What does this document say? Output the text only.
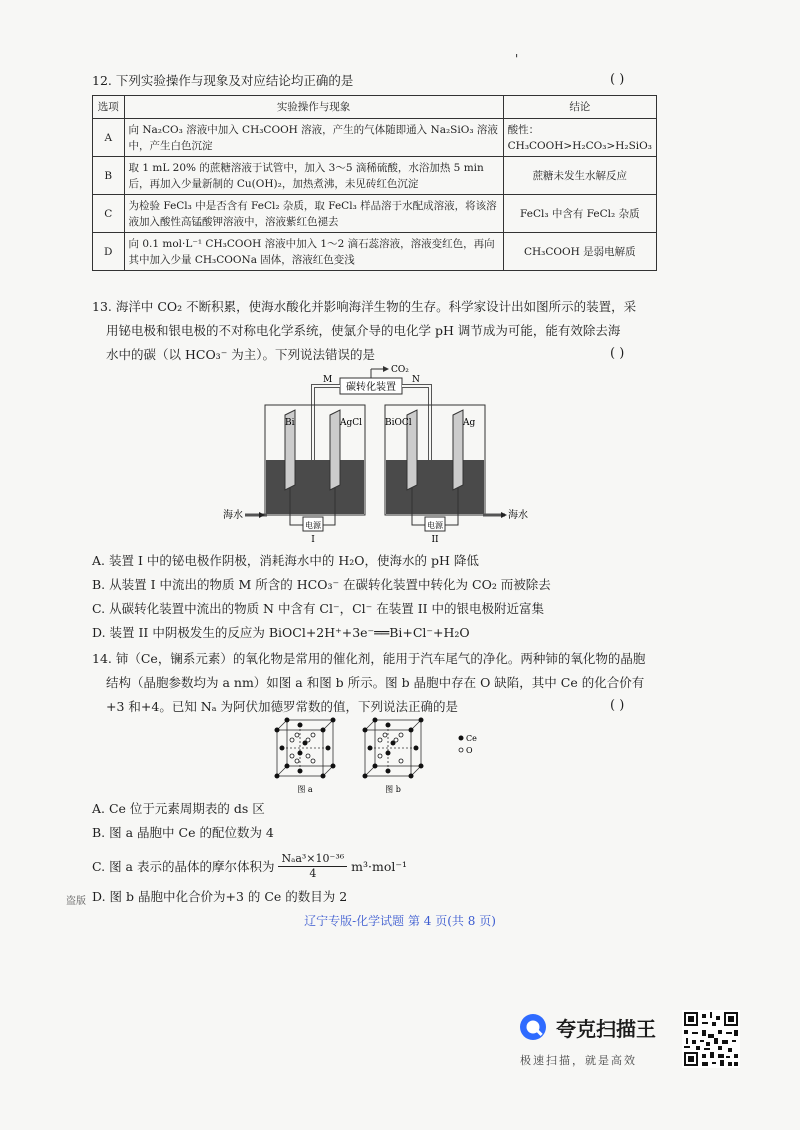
'
12. 下列实验操作与现象及对应结论均正确的是	( )
选项	实验操作与现象	结论
A	向 Na₂CO₃ 溶液中加入 CH₃COOH 溶液，产生的气体随即通入 Na₂SiO₃ 溶液中，产生白色沉淀	酸性：CH₃COOH>H₂CO₃>H₂SiO₃
B	取 1 mL 20% 的蔗糖溶液于试管中，加入 3～5 滴稀硫酸，水浴加热 5 min 后，再加入少量新制的 Cu(OH)₂，加热煮沸，未见砖红色沉淀	蔗糖未发生水解反应
C	为检验 FeCl₃ 中是否含有 FeCl₂ 杂质，取 FeCl₃ 样品溶于水配成溶液，将该溶液加入酸性高锰酸钾溶液中，溶液紫红色褪去	FeCl₃ 中含有 FeCl₂ 杂质
D	向 0.1 mol·L⁻¹ CH₃COOH 溶液中加入 1～2 滴石蕊溶液，溶液变红色，再向其中加入少量 CH₃COONa 固体，溶液红色变浅	CH₃COOH 是弱电解质
13. 海洋中 CO₂ 不断积累，使海水酸化并影响海洋生物的生存。科学家设计出如图所示的装置，采
用铋电极和银电极的不对称电化学系统，使氯介导的电化学 pH 调节成为可能，能有效除去海
水中的碳（以 HCO₃⁻ 为主）。下列说法错误的是	( )
碳转化装置
CO₂
M	N
Bi	AgCl	BiOCl	Ag
电源
I
电源
II
海水	海水
A. 装置 I 中的铋电极作阴极，消耗海水中的 H₂O，使海水的 pH 降低
B. 从装置 I 中流出的物质 M 所含的 HCO₃⁻ 在碳转化装置中转化为 CO₂ 而被除去
C. 从碳转化装置中流出的物质 N 中含有 Cl⁻，Cl⁻ 在装置 II 中的银电极附近富集
D. 装置 II 中阴极发生的反应为 BiOCl+2H⁺+3e⁻══Bi+Cl⁻+H₂O
14. 铈（Ce，镧系元素）的氧化物是常用的催化剂，能用于汽车尾气的净化。两种铈的氧化物的晶胞
结构（晶胞参数均为 a nm）如图 a 和图 b 所示。图 b 晶胞中存在 O 缺陷，其中 Ce 的化合价有
+3 和+4。已知 Nₐ 为阿伏加德罗常数的值，下列说法正确的是	( )
图 a	图 b
Ce
O
A. Ce 位于元素周期表的 ds 区
B. 图 a 晶胞中 Ce 的配位数为 4
C. 图 a 表示的晶体的摩尔体积为 Nₐa³×10⁻³⁶
4	m³·mol⁻¹
D. 图 b 晶胞中化合价为+3 的 Ce 的数目为 2
盗版
辽宁专版-化学试题 第 4 页(共 8 页)
夸克扫描王
极速扫描，就是高效
